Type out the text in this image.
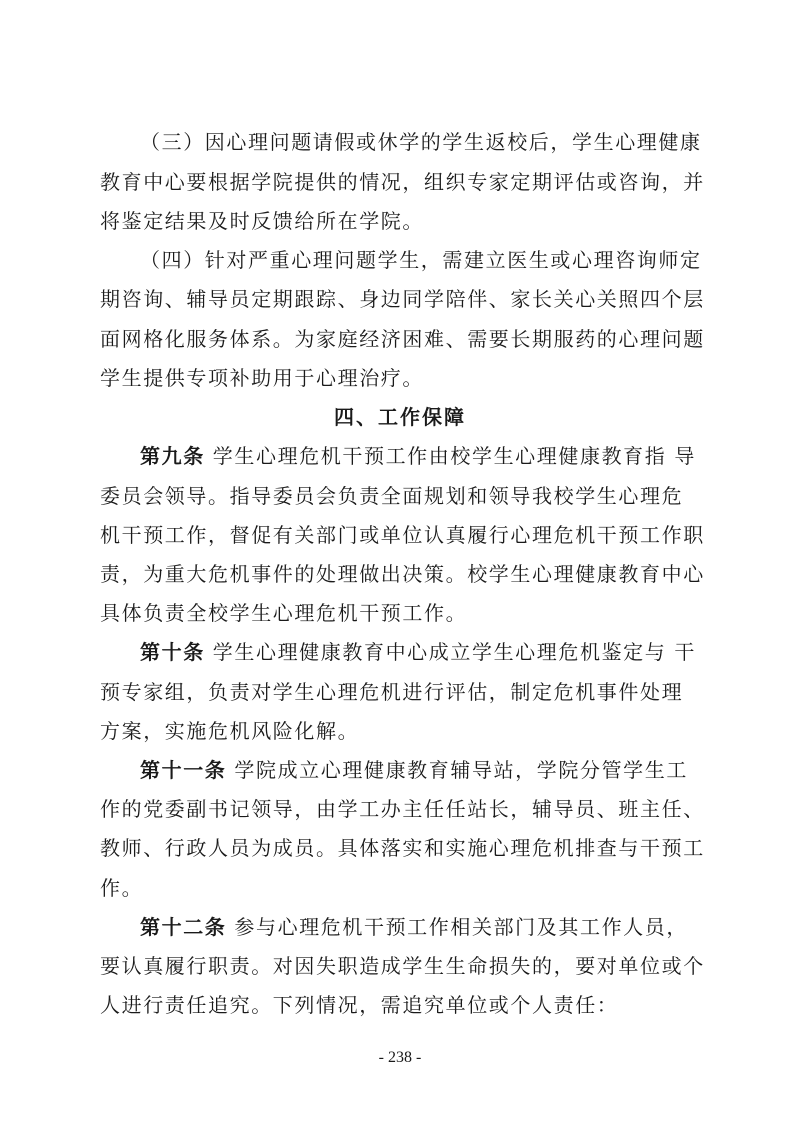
（三）因心理问题请假或休学的学生返校后，学生心理健康
教育中心要根据学院提供的情况，组织专家定期评估或咨询，并
将鉴定结果及时反馈给所在学院。
（四）针对严重心理问题学生，需建立医生或心理咨询师定
期咨询、辅导员定期跟踪、身边同学陪伴、家长关心关照四个层
面网格化服务体系。为家庭经济困难、需要长期服药的心理问题
学生提供专项补助用于心理治疗。
四、工作保障
第九条 学生心理危机干预工作由校学生心理健康教育指 导
委员会领导。指导委员会负责全面规划和领导我校学生心理危
机干预工作，督促有关部门或单位认真履行心理危机干预工作职
责，为重大危机事件的处理做出决策。校学生心理健康教育中心
具体负责全校学生心理危机干预工作。
第十条 学生心理健康教育中心成立学生心理危机鉴定与 干
预专家组，负责对学生心理危机进行评估，制定危机事件处理
方案，实施危机风险化解。
第十一条 学院成立心理健康教育辅导站，学院分管学生工
作的党委副书记领导，由学工办主任任站长，辅导员、班主任、
教师、行政人员为成员。具体落实和实施心理危机排查与干预工
作。
第十二条 参与心理危机干预工作相关部门及其工作人员，
要认真履行职责。对因失职造成学生生命损失的，要对单位或个
人进行责任追究。下列情况，需追究单位或个人责任：
- 238 -
